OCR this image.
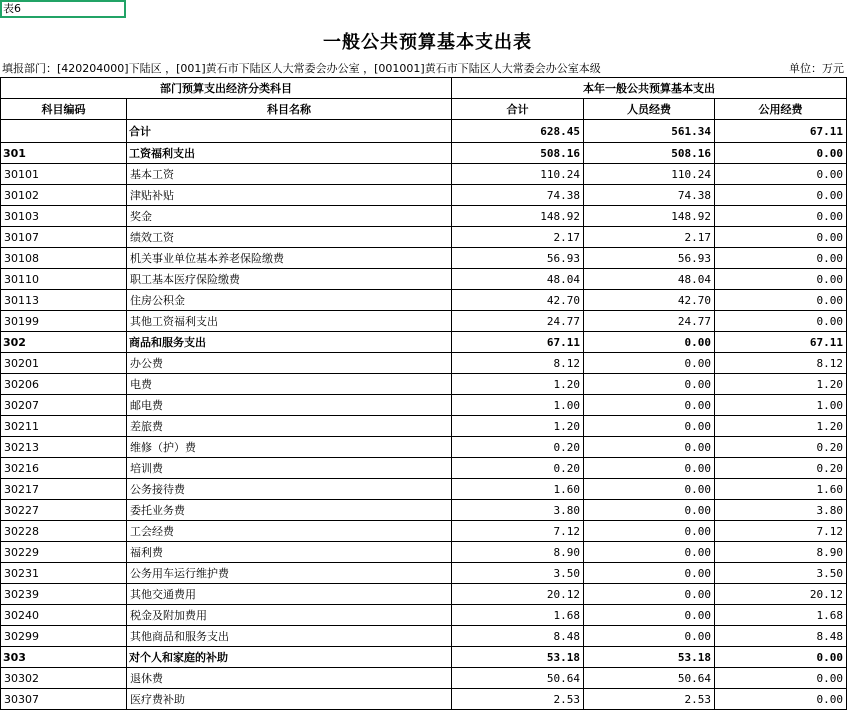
表6
一般公共预算基本支出表
填报部门：[420204000]下陆区 ，[001]黄石市下陆区人大常委会办公室 ，[001001]黄石市下陆区人大常委会办公室本级	单位：万元
部门预算支出经济分类科目		本年一般公共预算基本支出		
科目编码	科目名称	合计	人员经费	公用经费
	合计	628.45	561.34	67.11
301	工资福利支出	508.16	508.16	0.00
30101	基本工资	110.24	110.24	0.00
30102	津贴补贴	74.38	74.38	0.00
30103	奖金	148.92	148.92	0.00
30107	绩效工资	2.17	2.17	0.00
30108	机关事业单位基本养老保险缴费	56.93	56.93	0.00
30110	职工基本医疗保险缴费	48.04	48.04	0.00
30113	住房公积金	42.70	42.70	0.00
30199	其他工资福利支出	24.77	24.77	0.00
302	商品和服务支出	67.11	0.00	67.11
30201	办公费	8.12	0.00	8.12
30206	电费	1.20	0.00	1.20
30207	邮电费	1.00	0.00	1.00
30211	差旅费	1.20	0.00	1.20
30213	维修（护）费	0.20	0.00	0.20
30216	培训费	0.20	0.00	0.20
30217	公务接待费	1.60	0.00	1.60
30227	委托业务费	3.80	0.00	3.80
30228	工会经费	7.12	0.00	7.12
30229	福利费	8.90	0.00	8.90
30231	公务用车运行维护费	3.50	0.00	3.50
30239	其他交通费用	20.12	0.00	20.12
30240	税金及附加费用	1.68	0.00	1.68
30299	其他商品和服务支出	8.48	0.00	8.48
303	对个人和家庭的补助	53.18	53.18	0.00
30302	退休费	50.64	50.64	0.00
30307	医疗费补助	2.53	2.53	0.00
